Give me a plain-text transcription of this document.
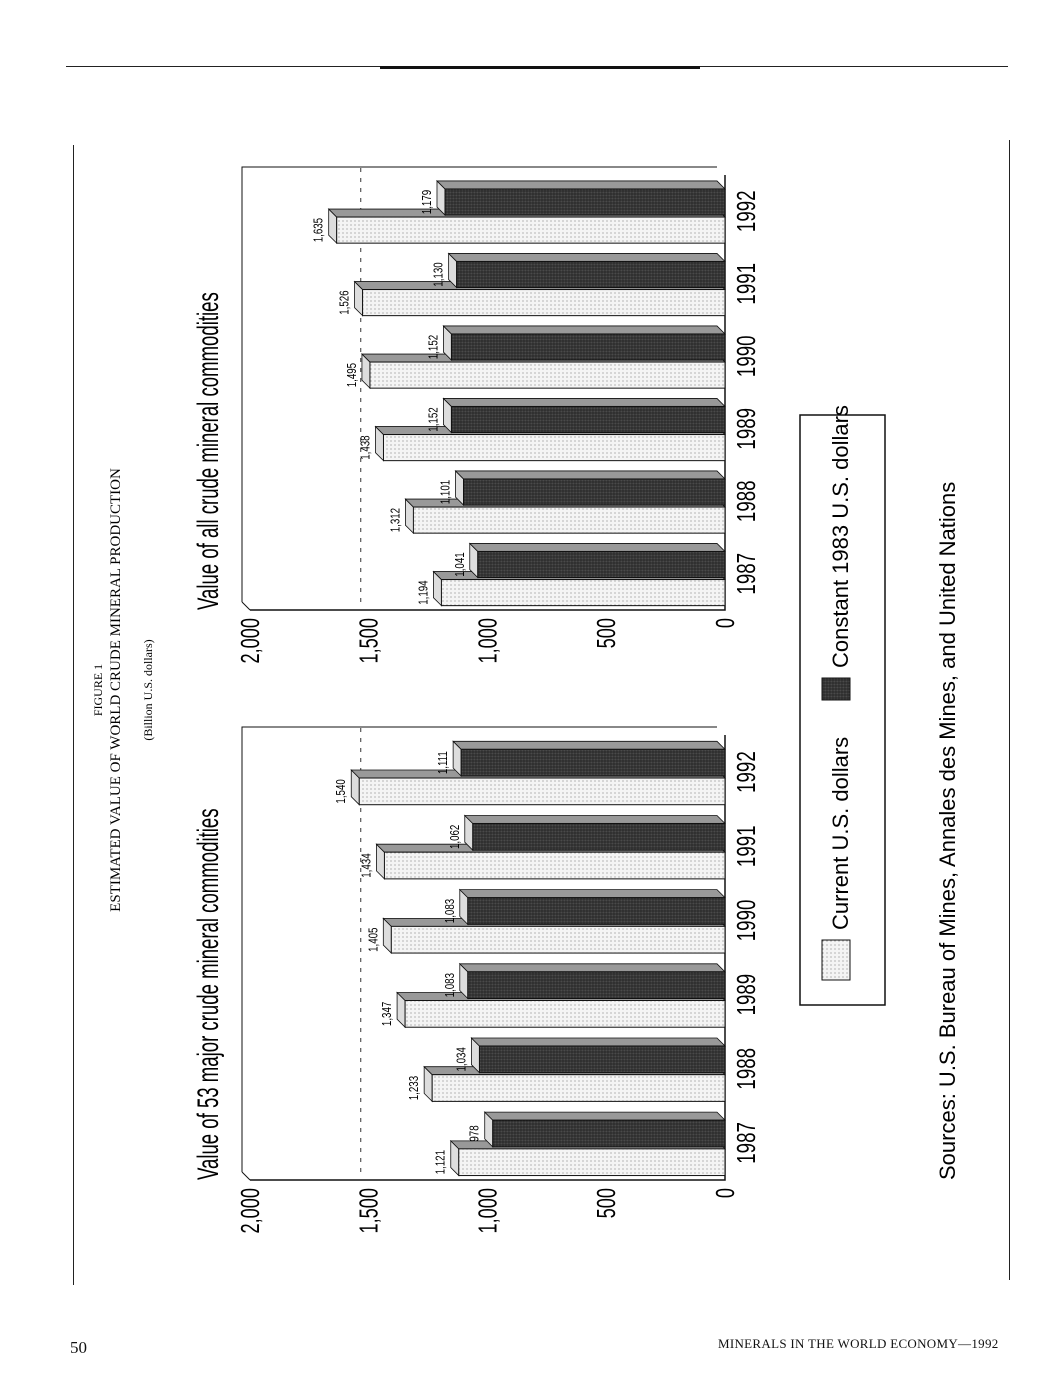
FIGURE 1 ESTIMATED VALUE OF WORLD CRUDE MINERAL PRODUCTION (Billion U.S. dollars)
Value of 53 major crude mineral commodities
0
500
1,000
1,500
2,000
1,121
978	1987
1,233
1,034	1988
1,347
1,083	1989
1,405
1,083	1990
1,434
1,062	1991
1,540
1,111	1992
Value of all crude mineral commodities
0
500
1,000
1,500
2,000
1,194
1,041	1987
1,312
1,101	1988
1,438
1,152	1989
1,495
1,152	1990
1,526
1,130	1991
1,635
1,179	1992
Current U.S. dollars
Constant 1983 U.S. dollars	Sources: U.S. Bureau of Mines, Annales des Mines, and United Nations
50	MINERALS IN THE WORLD ECONOMY—1992
